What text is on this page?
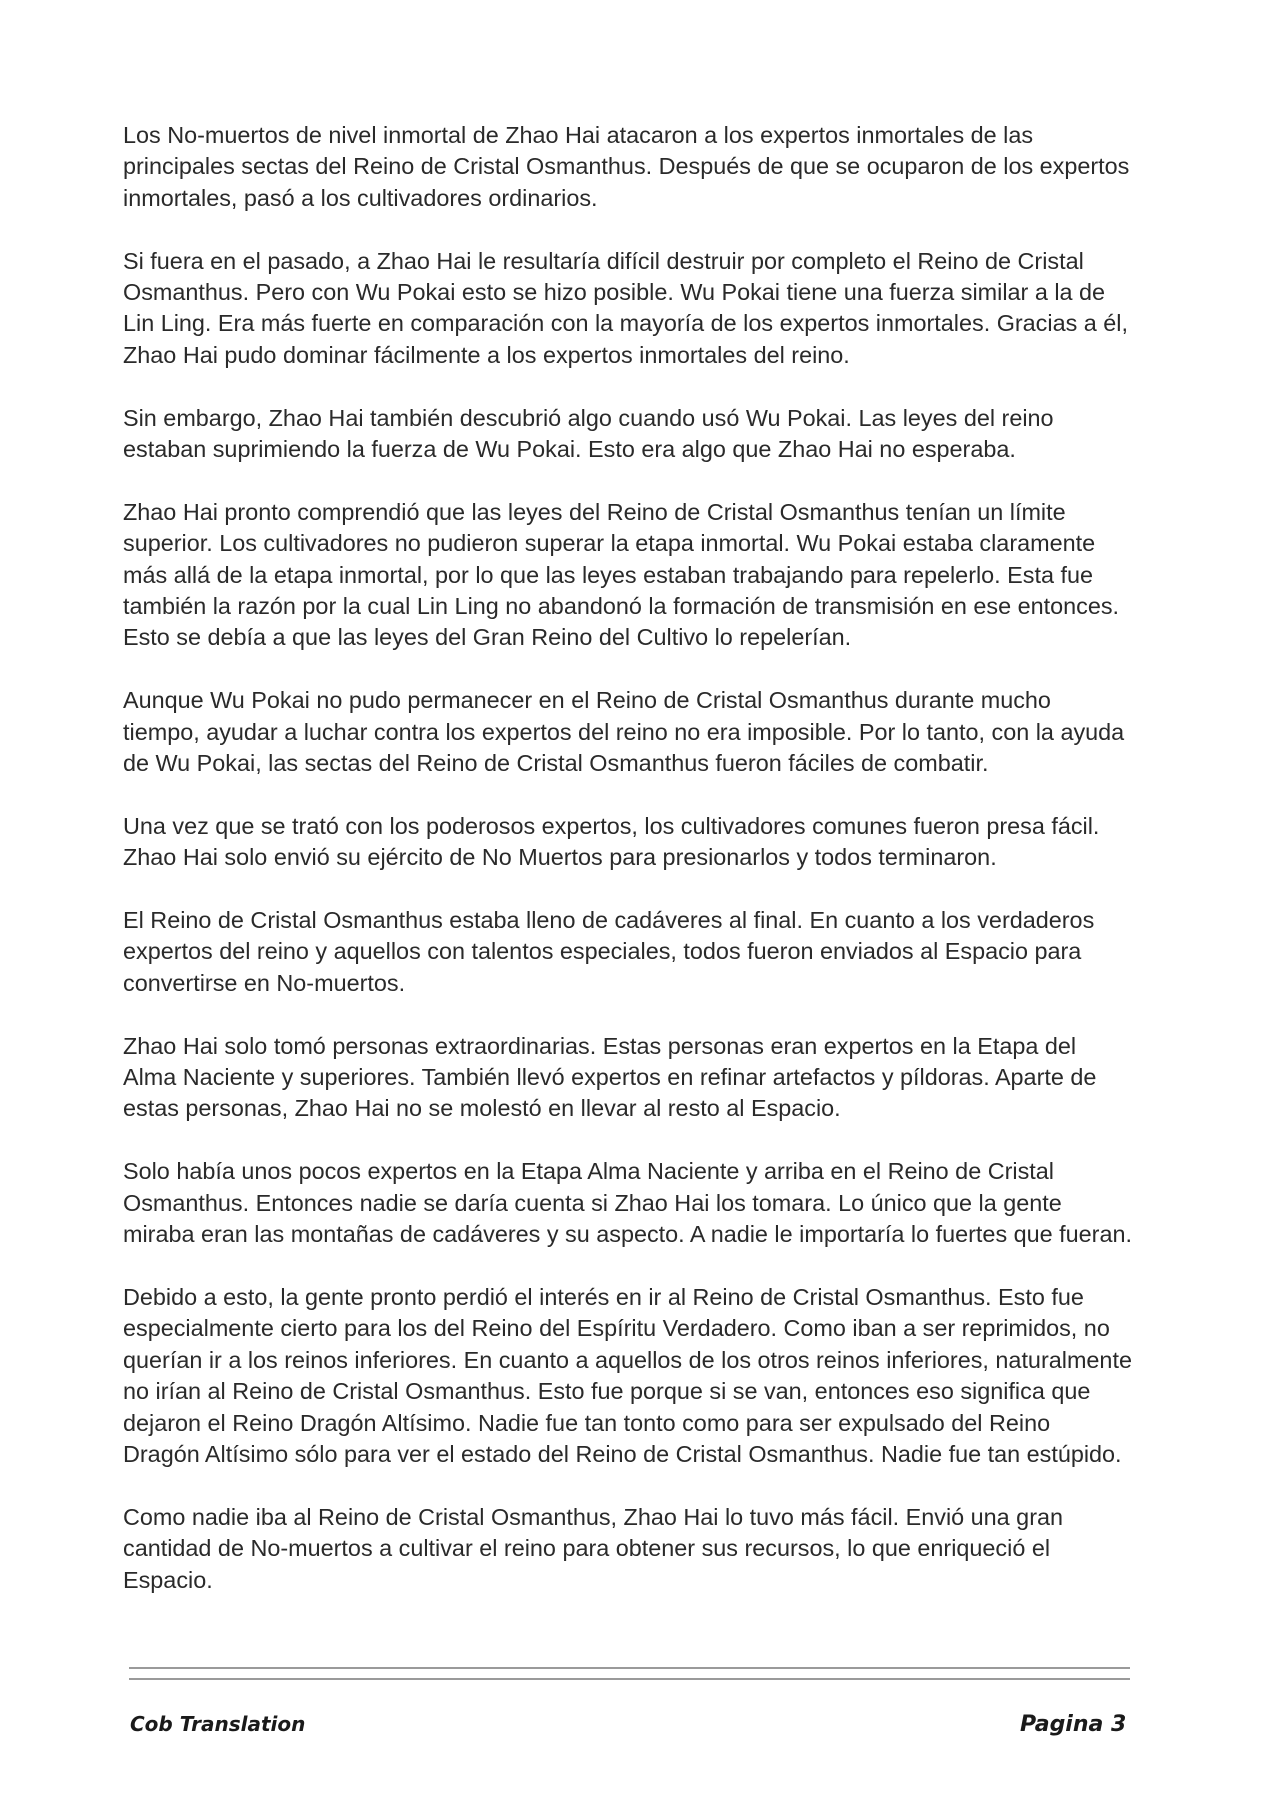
Los No-muertos de nivel inmortal de Zhao Hai atacaron a los expertos inmortales de las principales sectas del Reino de Cristal Osmanthus. Después de que se ocuparon de los expertos inmortales, pasó a los cultivadores ordinarios.

Si fuera en el pasado, a Zhao Hai le resultaría difícil destruir por completo el Reino de Cristal Osmanthus. Pero con Wu Pokai esto se hizo posible. Wu Pokai tiene una fuerza similar a la de Lin Ling. Era más fuerte en comparación con la mayoría de los expertos inmortales. Gracias a él, Zhao Hai pudo dominar fácilmente a los expertos inmortales del reino.

Sin embargo, Zhao Hai también descubrió algo cuando usó Wu Pokai. Las leyes del reino estaban suprimiendo la fuerza de Wu Pokai. Esto era algo que Zhao Hai no esperaba.

Zhao Hai pronto comprendió que las leyes del Reino de Cristal Osmanthus tenían un límite superior. Los cultivadores no pudieron superar la etapa inmortal. Wu Pokai estaba claramente más allá de la etapa inmortal, por lo que las leyes estaban trabajando para repelerlo. Esta fue también la razón por la cual Lin Ling no abandonó la formación de transmisión en ese entonces. Esto se debía a que las leyes del Gran Reino del Cultivo lo repelerían.

Aunque Wu Pokai no pudo permanecer en el Reino de Cristal Osmanthus durante mucho tiempo, ayudar a luchar contra los expertos del reino no era imposible. Por lo tanto, con la ayuda de Wu Pokai, las sectas del Reino de Cristal Osmanthus fueron fáciles de combatir.

Una vez que se trató con los poderosos expertos, los cultivadores comunes fueron presa fácil. Zhao Hai solo envió su ejército de No Muertos para presionarlos y todos terminaron.

El Reino de Cristal Osmanthus estaba lleno de cadáveres al final. En cuanto a los verdaderos expertos del reino y aquellos con talentos especiales, todos fueron enviados al Espacio para convertirse en No-muertos.

Zhao Hai solo tomó personas extraordinarias. Estas personas eran expertos en la Etapa del Alma Naciente y superiores. También llevó expertos en refinar artefactos y píldoras. Aparte de estas personas, Zhao Hai no se molestó en llevar al resto al Espacio.

Solo había unos pocos expertos en la Etapa Alma Naciente y arriba en el Reino de Cristal Osmanthus. Entonces nadie se daría cuenta si Zhao Hai los tomara. Lo único que la gente miraba eran las montañas de cadáveres y su aspecto. A nadie le importaría lo fuertes que fueran.

Debido a esto, la gente pronto perdió el interés en ir al Reino de Cristal Osmanthus. Esto fue especialmente cierto para los del Reino del Espíritu Verdadero. Como iban a ser reprimidos, no querían ir a los reinos inferiores. En cuanto a aquellos de los otros reinos inferiores, naturalmente no irían al Reino de Cristal Osmanthus. Esto fue porque si se van, entonces eso significa que dejaron el Reino Dragón Altísimo. Nadie fue tan tonto como para ser expulsado del Reino Dragón Altísimo sólo para ver el estado del Reino de Cristal Osmanthus. Nadie fue tan estúpido.

Como nadie iba al Reino de Cristal Osmanthus, Zhao Hai lo tuvo más fácil. Envió una gran cantidad de No-muertos a cultivar el reino para obtener sus recursos, lo que enriqueció el Espacio.

Cob Translation	Pagina 3
